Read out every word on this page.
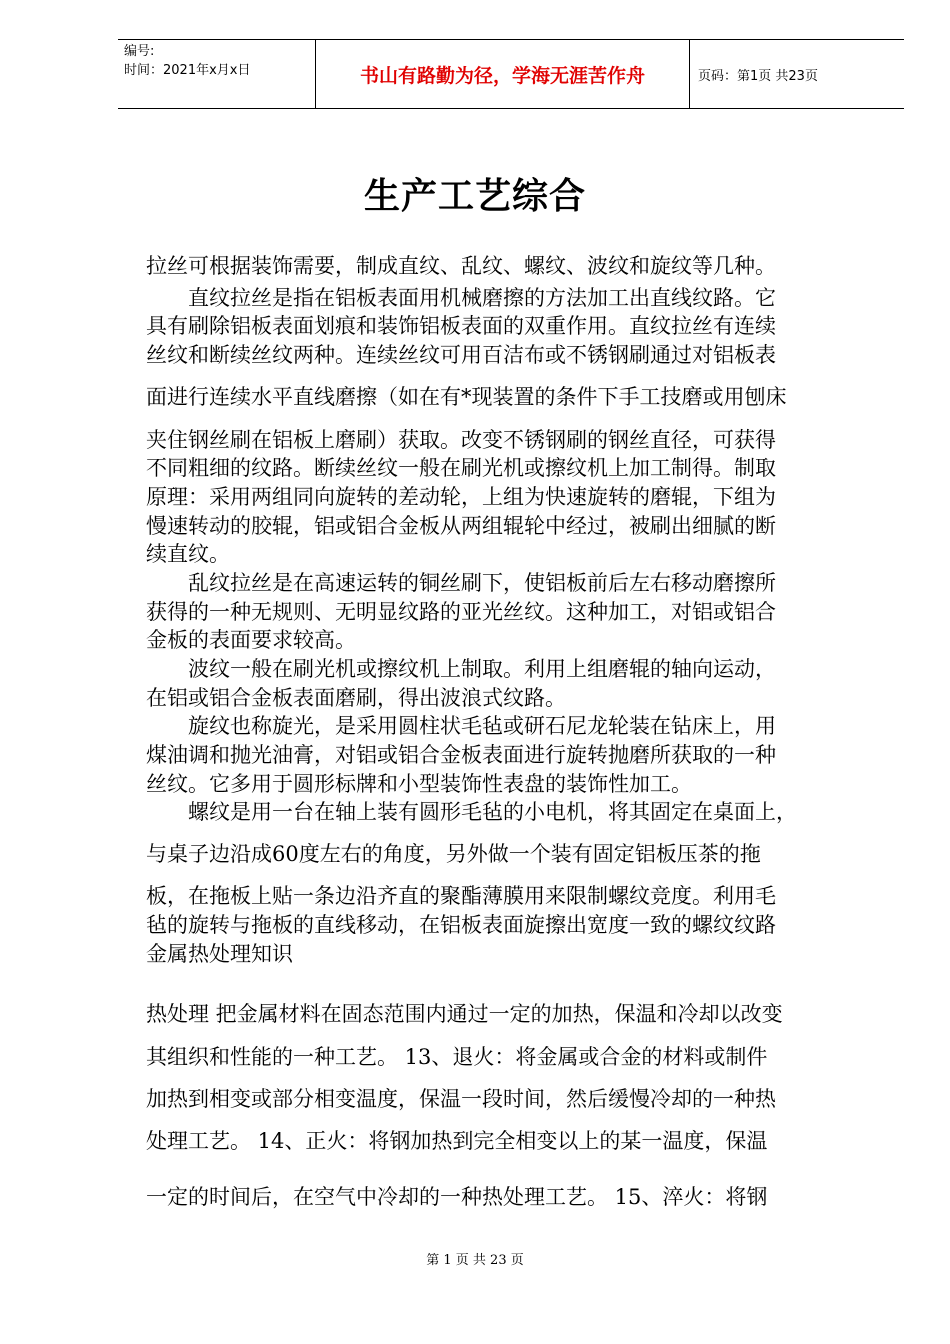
编号:
时间：2021年x月x日	书山有路勤为径，学海无涯苦作舟	页码：第1页 共23页
生产工艺综合
拉丝可根据装饰需要，制成直纹、乱纹、螺纹、波纹和旋纹等几种。
　　直纹拉丝是指在铝板表面用机械磨擦的方法加工出直线纹路。它
具有刷除铝板表面划痕和装饰铝板表面的双重作用。直纹拉丝有连续
丝纹和断续丝纹两种。连续丝纹可用百洁布或不锈钢刷通过对铝板表
面进行连续水平直线磨擦（如在有*现装置的条件下手工技磨或用刨床
夹住钢丝刷在铝板上磨刷）获取。改变不锈钢刷的钢丝直径，可获得
不同粗细的纹路。断续丝纹一般在刷光机或擦纹机上加工制得。制取
原理：采用两组同向旋转的差动轮，上组为快速旋转的磨辊，下组为
慢速转动的胶辊，铝或铝合金板从两组辊轮中经过，被刷出细腻的断
续直纹。
　　乱纹拉丝是在高速运转的铜丝刷下，使铝板前后左右移动磨擦所
获得的一种无规则、无明显纹路的亚光丝纹。这种加工，对铝或铝合
金板的表面要求较高。
　　波纹一般在刷光机或擦纹机上制取。利用上组磨辊的轴向运动，
在铝或铝合金板表面磨刷，得出波浪式纹路。
　　旋纹也称旋光，是采用圆柱状毛毡或研石尼龙轮装在钻床上，用
煤油调和抛光油膏，对铝或铝合金板表面进行旋转抛磨所获取的一种
丝纹。它多用于圆形标牌和小型装饰性表盘的装饰性加工。
　　螺纹是用一台在轴上装有圆形毛毡的小电机，将其固定在桌面上，
与桌子边沿成60度左右的角度，另外做一个装有固定铝板压茶的拖
板，在拖板上贴一条边沿齐直的聚酯薄膜用来限制螺纹竞度。利用毛
毡的旋转与拖板的直线移动，在铝板表面旋擦出宽度一致的螺纹纹路
金属热处理知识
热处理 把金属材料在固态范围内通过一定的加热，保温和冷却以改变
其组织和性能的一种工艺。 13、退火：将金属或合金的材料或制件
加热到相变或部分相变温度，保温一段时间，然后缓慢冷却的一种热
处理工艺。 14、正火：将钢加热到完全相变以上的某一温度，保温
一定的时间后，在空气中冷却的一种热处理工艺。 15、淬火：将钢
第 1 页 共 23 页
